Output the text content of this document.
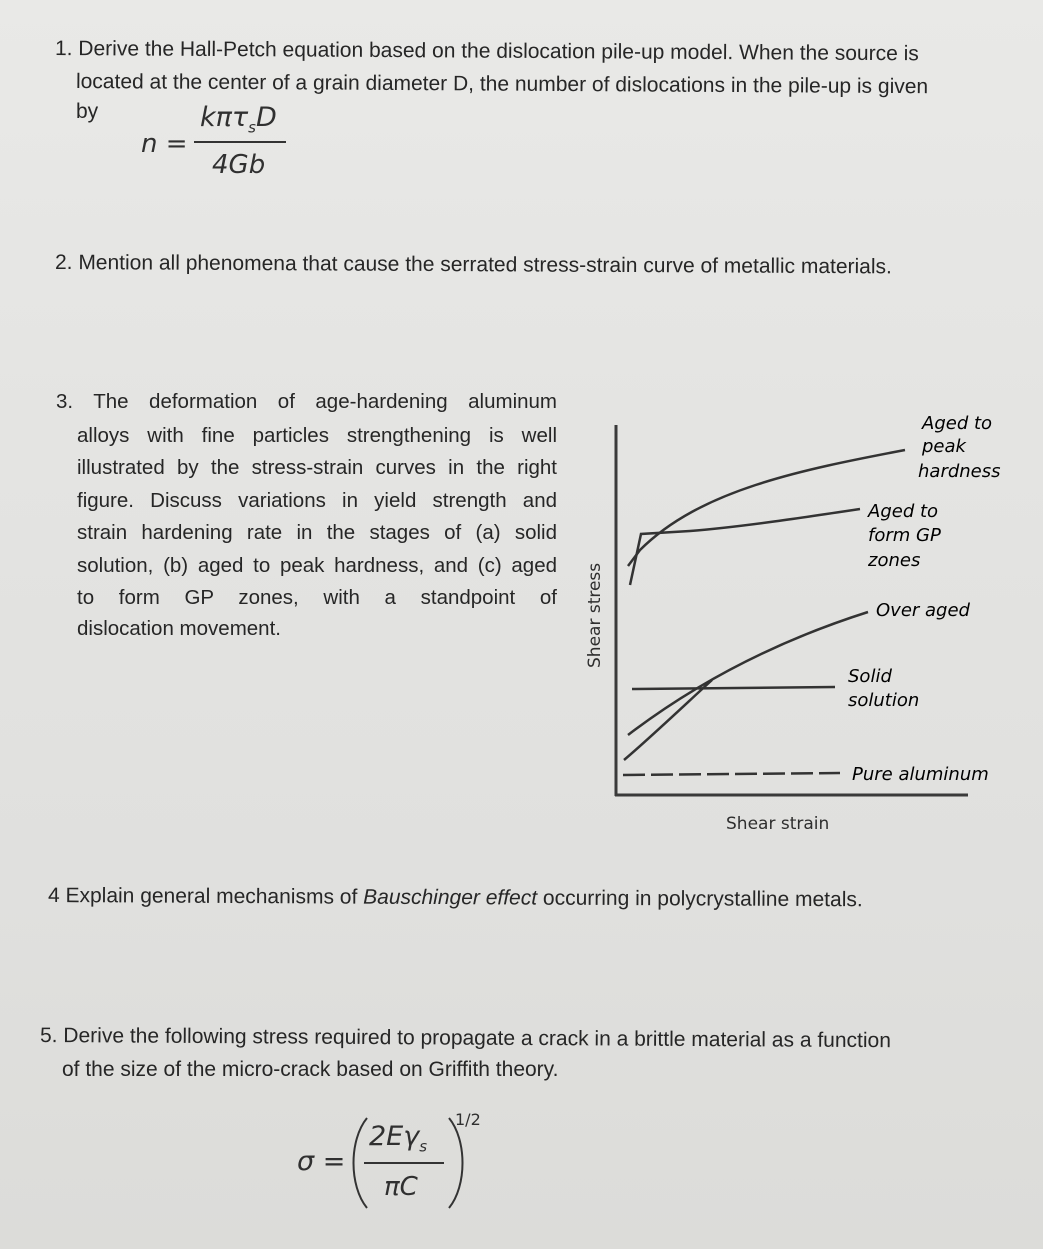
1. Derive the Hall-Petch equation based on the dislocation pile-up model. When the source is
located at the center of a grain diameter D, the number of dislocations in the pile-up is given
by
n =
kπτ$_s$D
4Gb
2. Mention all phenomena that cause the serrated stress-strain curve of metallic materials.
3. The deformation of age-hardening aluminum
alloys with fine particles strengthening is well
illustrated by the stress-strain curves in the right
figure. Discuss variations in yield strength and
strain hardening rate in the stages of (a) solid
solution, (b) aged to peak hardness, and (c) aged
to form GP zones, with a standpoint of
dislocation movement.
Aged to peak hardness
Aged to form GP zones
Over aged
Solid solution
Pure aluminum
Shear strain
Shear stress
4 Explain general mechanisms of Bauschinger effect occurring in polycrystalline metals.
5. Derive the following stress required to propagate a crack in a brittle material as a function
of the size of the micro-crack based on Griffith theory.
σ =
$2E\gamma_s$
πC
1/2
